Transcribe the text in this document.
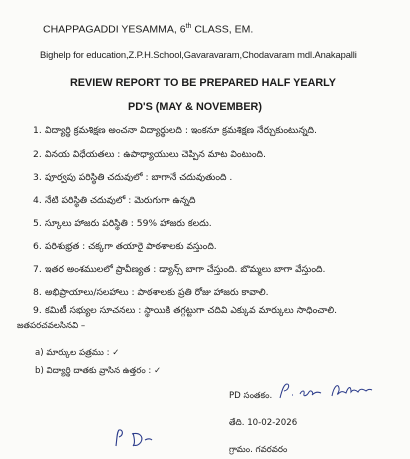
CHAPPAGADDI YESAMMA, 6th CLASS, EM.
Bighelp for education,Z.P.H.School,Gavaravaram,Chodavaram mdl.Anakapalli
REVIEW REPORT TO BE PREPARED HALF YEARLY
PD'S (MAY & NOVEMBER)
1. విద్యార్థి క్రమశిక్షణ అంచనా విద్యార్థులది : ఇంకనూ క్రమశిక్షణ నేర్చుకుంటున్నది.
2. వినయ విధేయతలు : ఉపాధ్యాయులు చెప్పిన మాట వింటుంది.
3. పూర్వపు పరిస్థితి చదువులో : బాగానే చదువుతుంది .
4. నేటి పరిస్థితి చదువులో : మెరుగుగా ఉన్నది
5. స్కూలు హాజరు పరిస్థితి : 59% హాజరు కలదు.
6. పరిశుభ్రత : చక్కగా తయారై పాఠశాలకు వస్తుంది.
7. ఇతర అంశములలో ప్రావీణ్యత : డ్యాన్స్ బాగా చేస్తుంది. బొమ్మలు బాగా వేస్తుంది.
8. అభిప్రాయాలు/సలహాలు : పాఠశాలకు ప్రతి రోజు హాజరు కావాలి.
9. కమిటీ సభ్యుల సూచనలు : స్థాయికి తగ్గట్టుగా చదివి ఎక్కువ మార్కులు సాధించాలి.
జతపరచవలసినవి –
a) మార్కుల పత్రము : ✓
b) విద్యార్థి దాతకు వ్రాసిన ఉత్తరం : ✓
PD సంతకం.
తేది. 10-02-2026
గ్రామం. గవరవరం
